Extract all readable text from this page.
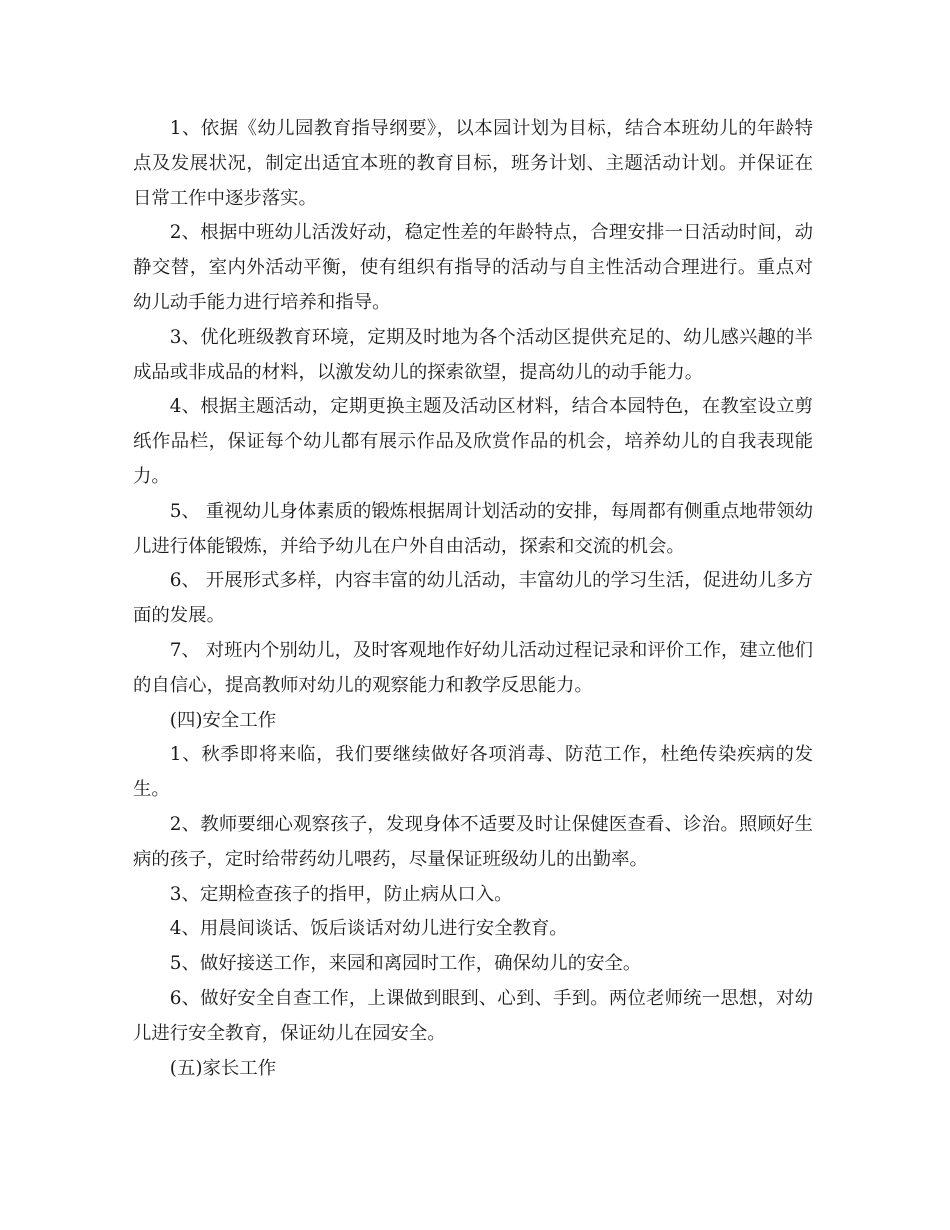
1、依据《幼儿园教育指导纲要》，以本园计划为目标，结合本班幼儿的年龄特点及发展状况，制定出适宜本班的教育目标，班务计划、主题活动计划。并保证在日常工作中逐步落实。

2、根据中班幼儿活泼好动，稳定性差的年龄特点，合理安排一日活动时间，动静交替，室内外活动平衡，使有组织有指导的活动与自主性活动合理进行。重点对幼儿动手能力进行培养和指导。

3、优化班级教育环境，定期及时地为各个活动区提供充足的、幼儿感兴趣的半成品或非成品的材料，以激发幼儿的探索欲望，提高幼儿的动手能力。

4、根据主题活动，定期更换主题及活动区材料，结合本园特色，在教室设立剪纸作品栏，保证每个幼儿都有展示作品及欣赏作品的机会，培养幼儿的自我表现能力。

5、 重视幼儿身体素质的锻炼根据周计划活动的安排，每周都有侧重点地带领幼儿进行体能锻炼，并给予幼儿在户外自由活动，探索和交流的机会。

6、 开展形式多样，内容丰富的幼儿活动，丰富幼儿的学习生活，促进幼儿多方面的发展。

7、 对班内个别幼儿，及时客观地作好幼儿活动过程记录和评价工作，建立他们的自信心，提高教师对幼儿的观察能力和教学反思能力。

(四)安全工作

1、秋季即将来临，我们要继续做好各项消毒、防范工作，杜绝传染疾病的发生。

2、教师要细心观察孩子，发现身体不适要及时让保健医查看、诊治。照顾好生病的孩子，定时给带药幼儿喂药，尽量保证班级幼儿的出勤率。

3、定期检查孩子的指甲，防止病从口入。

4、用晨间谈话、饭后谈话对幼儿进行安全教育。

5、做好接送工作，来园和离园时工作，确保幼儿的安全。

6、做好安全自查工作，上课做到眼到、心到、手到。两位老师统一思想，对幼儿进行安全教育，保证幼儿在园安全。

(五)家长工作
